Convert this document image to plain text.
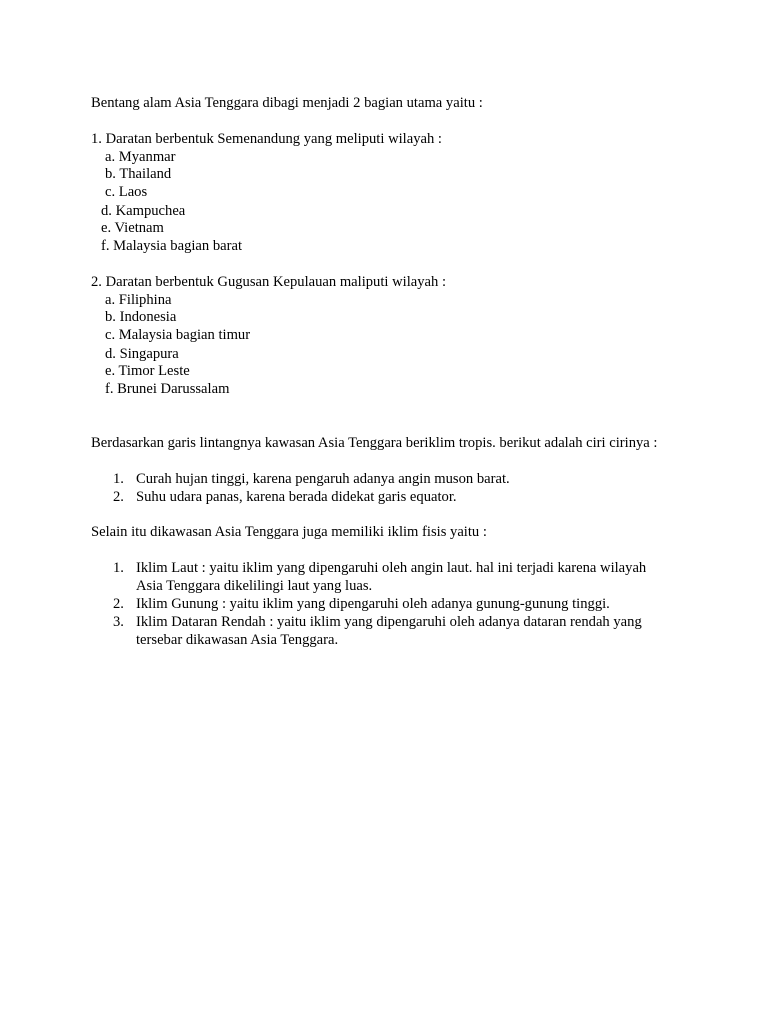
Bentang alam Asia Tenggara dibagi menjadi 2 bagian utama yaitu :
1. Daratan berbentuk Semenandung yang meliputi wilayah :
a. Myanmar
b. Thailand
c. Laos
d. Kampuchea
e. Vietnam
f. Malaysia bagian barat
2. Daratan berbentuk Gugusan Kepulauan maliputi wilayah :
a. Filiphina
b. Indonesia
c. Malaysia bagian timur
d. Singapura
e. Timor Leste
f. Brunei Darussalam
Berdasarkan garis lintangnya kawasan Asia Tenggara beriklim tropis. berikut adalah ciri cirinya :
1. Curah hujan tinggi, karena pengaruh adanya angin muson barat.
2. Suhu udara panas, karena berada didekat garis equator.
Selain itu dikawasan Asia Tenggara juga memiliki iklim fisis yaitu :
1. Iklim Laut : yaitu iklim yang dipengaruhi oleh angin laut. hal ini terjadi karena wilayah
Asia Tenggara dikelilingi laut yang luas.
2. Iklim Gunung : yaitu iklim yang dipengaruhi oleh adanya gunung-gunung tinggi.
3. Iklim Dataran Rendah : yaitu iklim yang dipengaruhi oleh adanya dataran rendah yang
tersebar dikawasan Asia Tenggara.
